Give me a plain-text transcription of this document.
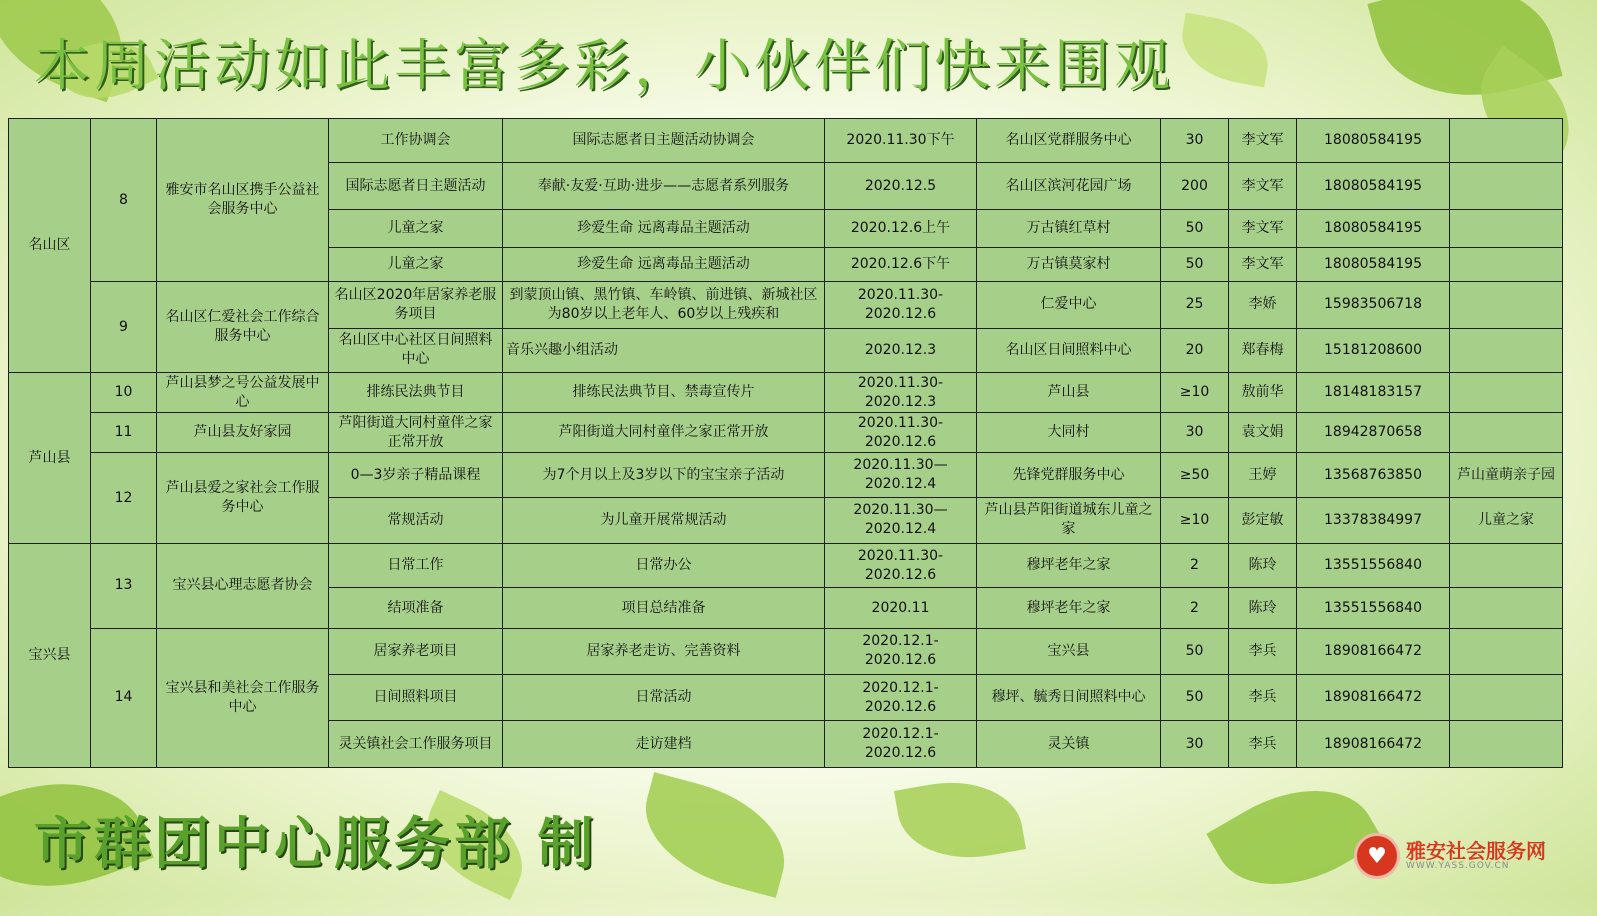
本周活动如此丰富多彩，小伙伴们快来围观
名山区	8	雅安市名山区携手公益社会服务中心	工作协调会	国际志愿者日主题活动协调会	2020.11.30下午	名山区党群服务中心	30	李文军	18080584195	
			国际志愿者日主题活动	奉献·友爱·互助·进步——志愿者系列服务	2020.12.5	名山区滨河花园广场	200	李文军	18080584195	
			儿童之家	珍爱生命 远离毒品主题活动	2020.12.6上午	万古镇红草村	50	李文军	18080584195	
			儿童之家	珍爱生命 远离毒品主题活动	2020.12.6下午	万古镇莫家村	50	李文军	18080584195	
	9	名山区仁爱社会工作综合服务中心	名山区2020年居家养老服务项目	到蒙顶山镇、黑竹镇、车岭镇、前进镇、新城社区为80岁以上老年人、60岁以上残疾和	2020.11.30-2020.12.6	仁爱中心	25	李娇	15983506718	
			名山区中心社区日间照料中心	音乐兴趣小组活动	2020.12.3	名山区日间照料中心	20	郑春梅	15181208600	
芦山县	10	芦山县梦之号公益发展中心	排练民法典节目	排练民法典节目、禁毒宣传片	2020.11.30-2020.12.3	芦山县	≥10	敖前华	18148183157	
	11	芦山县友好家园	芦阳街道大同村童伴之家正常开放	芦阳街道大同村童伴之家正常开放	2020.11.30-2020.12.6	大同村	30	袁文娟	18942870658	
	12	芦山县爱之家社会工作服务中心	0—3岁亲子精品课程	为7个月以上及3岁以下的宝宝亲子活动	2020.11.30—2020.12.4	先锋党群服务中心	≥50	王婷	13568763850	芦山童萌亲子园
			常规活动	为儿童开展常规活动	2020.11.30—2020.12.4	芦山县芦阳街道城东儿童之家	≥10	彭定敏	13378384997	儿童之家
宝兴县	13	宝兴县心理志愿者协会	日常工作	日常办公	2020.11.30-2020.12.6	穆坪老年之家	2	陈玲	13551556840	
			结项准备	项目总结准备	2020.11	穆坪老年之家	2	陈玲	13551556840	
	14	宝兴县和美社会工作服务中心	居家养老项目	居家养老走访、完善资料	2020.12.1-2020.12.6	宝兴县	50	李兵	18908166472	
			日间照料项目	日常活动	2020.12.1-2020.12.6	穆坪、毓秀日间照料中心	50	李兵	18908166472	
			灵关镇社会工作服务项目	走访建档	2020.12.1-2020.12.6	灵关镇	30	李兵	18908166472	
市群团中心服务部 制	♥ 雅安社会服务网
WWW.YASS.GOV.CN
